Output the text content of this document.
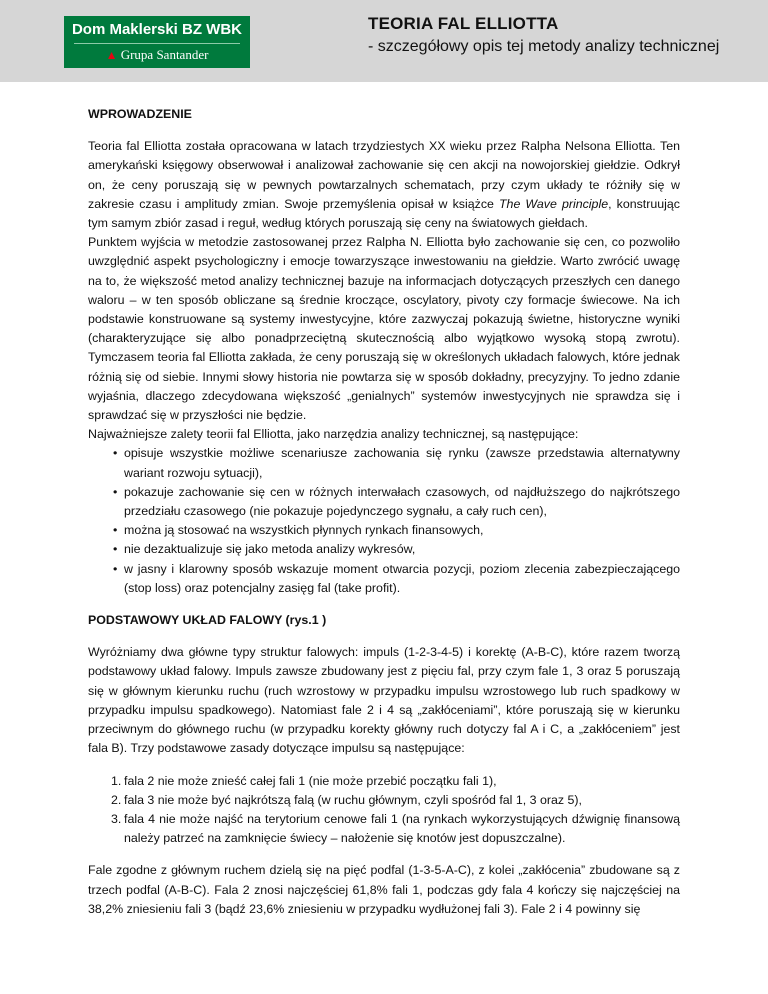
Dom Maklerski BZ WBK
▲ Grupa Santander
TEORIA FAL ELLIOTTA
- szczegółowy opis tej metody analizy technicznej

WPROWADZENIE

Teoria fal Elliotta została opracowana w latach trzydziestych XX wieku przez Ralpha Nelsona Elliotta. Ten amerykański księgowy obserwował i analizował zachowanie się cen akcji na nowojorskiej giełdzie. Odkrył on, że ceny poruszają się w pewnych powtarzalnych schematach, przy czym układy te różniły się w zakresie czasu i amplitudy zmian. Swoje przemyślenia opisał w książce The Wave principle, konstruując tym samym zbiór zasad i reguł, według których poruszają się ceny na światowych giełdach.

Punktem wyjścia w metodzie zastosowanej przez Ralpha N. Elliotta było zachowanie się cen, co pozwoliło uwzględnić aspekt psychologiczny i emocje towarzyszące inwestowaniu na giełdzie. Warto zwrócić uwagę na to, że większość metod analizy technicznej bazuje na informacjach dotyczących przeszłych cen danego waloru – w ten sposób obliczane są średnie kroczące, oscylatory, pivoty czy formacje świecowe. Na ich podstawie konstruowane są systemy inwestycyjne, które zazwyczaj pokazują świetne, historyczne wyniki (charakteryzujące się albo ponadprzeciętną skutecznością albo wyjątkowo wysoką stopą zwrotu). Tymczasem teoria fal Elliotta zakłada, że ceny poruszają się w określonych układach falowych, które jednak różnią się od siebie. Innymi słowy historia nie powtarza się w sposób dokładny, precyzyjny. To jedno zdanie wyjaśnia, dlaczego zdecydowana większość „genialnych” systemów inwestycyjnych nie sprawdza się i sprawdzać się w przyszłości nie będzie.

Najważniejsze zalety teorii fal Elliotta, jako narzędzia analizy technicznej, są następujące:

• opisuje wszystkie możliwe scenariusze zachowania się rynku (zawsze przedstawia alternatywny wariant rozwoju sytuacji),
• pokazuje zachowanie się cen w różnych interwałach czasowych, od najdłuższego do najkrótszego przedziału czasowego (nie pokazuje pojedynczego sygnału, a cały ruch cen),
• można ją stosować na wszystkich płynnych rynkach finansowych,
• nie dezaktualizuje się jako metoda analizy wykresów,
• w jasny i klarowny sposób wskazuje moment otwarcia pozycji, poziom zlecenia zabezpieczającego (stop loss) oraz potencjalny zasięg fal (take profit).

PODSTAWOWY UKŁAD FALOWY (rys.1 )

Wyróżniamy dwa główne typy struktur falowych: impuls (1-2-3-4-5) i korektę (A-B-C), które razem tworzą podstawowy układ falowy. Impuls zawsze zbudowany jest z pięciu fal, przy czym fale 1, 3 oraz 5 poruszają się w głównym kierunku ruchu (ruch wzrostowy w przypadku impulsu wzrostowego lub ruch spadkowy w przypadku impulsu spadkowego). Natomiast fale 2 i 4 są „zakłóceniami”, które poruszają się w kierunku przeciwnym do głównego ruchu (w przypadku korekty główny ruch dotyczy fal A i C, a „zakłóceniem” jest fala B). Trzy podstawowe zasady dotyczące impulsu są następujące:

1. fala 2 nie może znieść całej fali 1 (nie może przebić początku fali 1),
2. fala 3 nie może być najkrótszą falą (w ruchu głównym, czyli spośród fal 1, 3 oraz 5),
3. fala 4 nie może najść na terytorium cenowe fali 1 (na rynkach wykorzystujących dźwignię finansową należy patrzeć na zamknięcie świecy – nałożenie się knotów jest dopuszczalne).

Fale zgodne z głównym ruchem dzielą się na pięć podfal (1-3-5-A-C), z kolei „zakłócenia” zbudowane są z trzech podfal (A-B-C). Fala 2 znosi najczęściej 61,8% fali 1, podczas gdy fala 4 kończy się najczęściej na 38,2% zniesieniu fali 3 (bądź 23,6% zniesieniu w przypadku wydłużonej fali 3). Fale 2 i 4 powinny się
